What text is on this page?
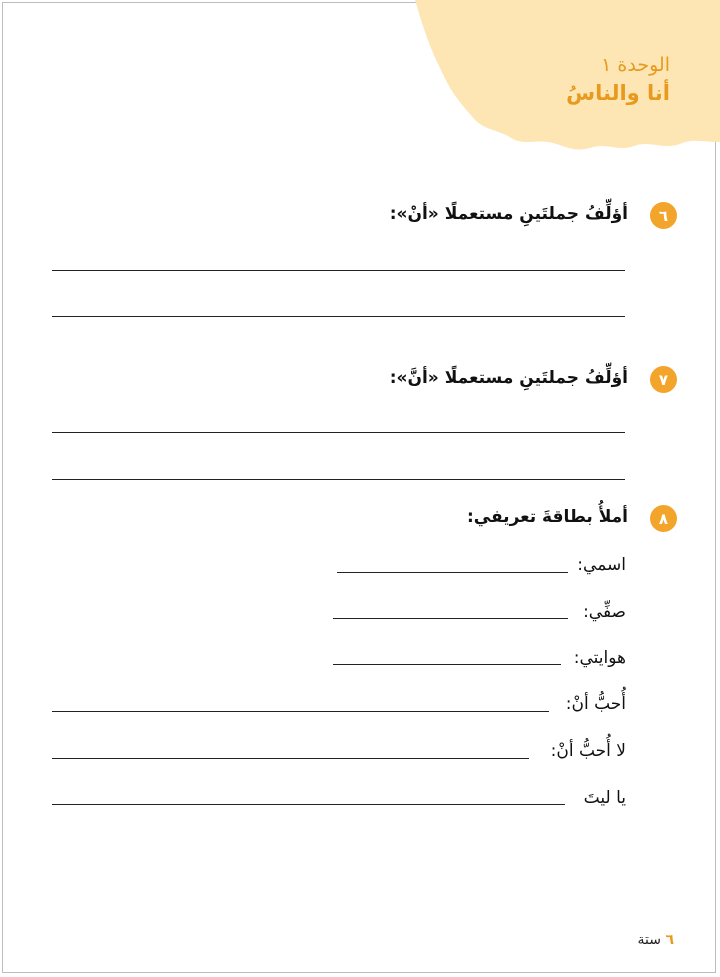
الوحدة ١
أنا والناسُ
٦
أؤلِّفُ جملتَينِ مستعملًا «أنْ»:
٧
أؤلِّفُ جملتَينِ مستعملًا «أنَّ»:
٨
أملأُ بطاقةَ تعريفي:
اسمي:
صفِّي:
هوايتي:
أُحبُّ أنْ:
لا أُحبُّ أنْ:
يا ليتَ
٦ ستة
